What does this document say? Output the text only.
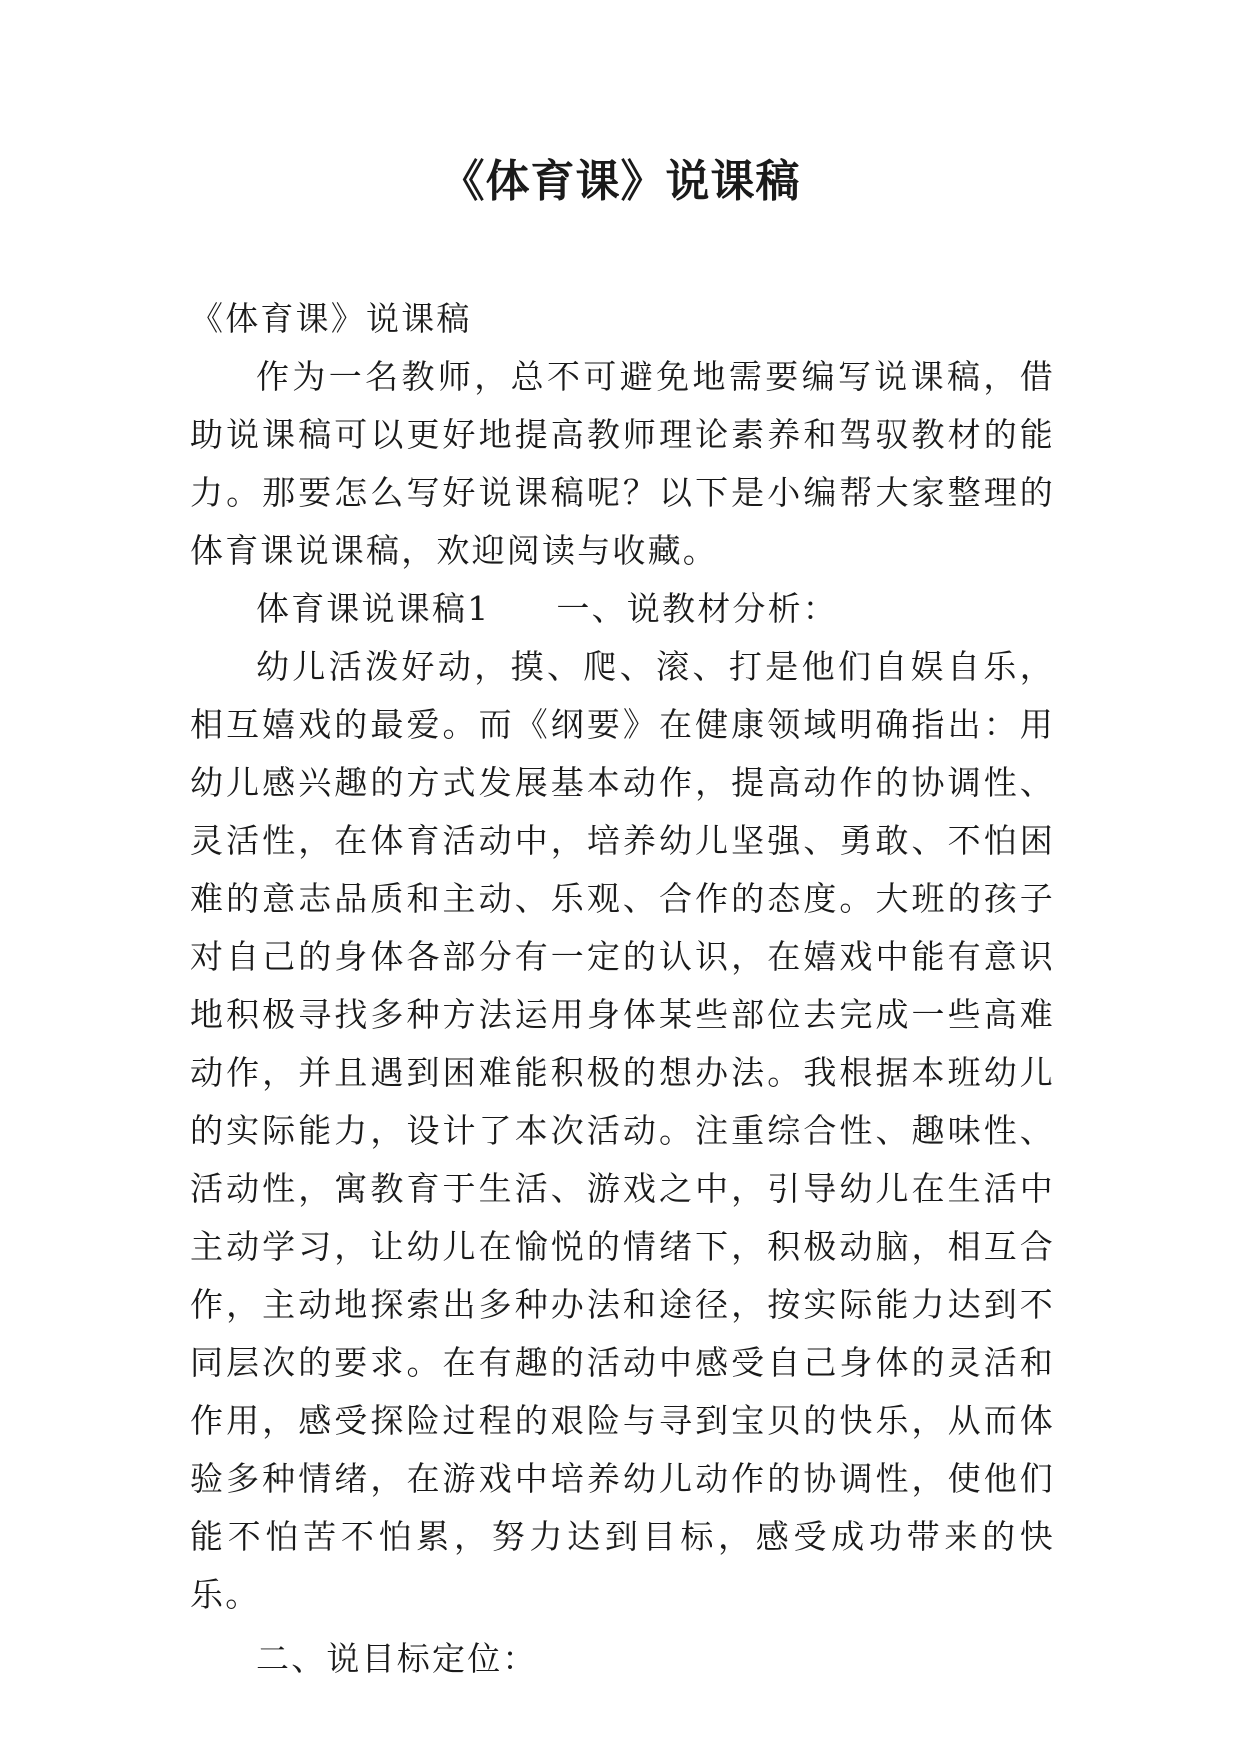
《体育课》说课稿

《体育课》说课稿

作为一名教师，总不可避免地需要编写说课稿，借助说课稿可以更好地提高教师理论素养和驾驭教材的能力。那要怎么写好说课稿呢？以下是小编帮大家整理的体育课说课稿，欢迎阅读与收藏。

体育课说课稿1 一、说教材分析：

幼儿活泼好动，摸、爬、滚、打是他们自娱自乐，相互嬉戏的最爱。而《纲要》在健康领域明确指出：用幼儿感兴趣的方式发展基本动作，提高动作的协调性、灵活性，在体育活动中，培养幼儿坚强、勇敢、不怕困难的意志品质和主动、乐观、合作的态度。大班的孩子对自己的身体各部分有一定的认识，在嬉戏中能有意识地积极寻找多种方法运用身体某些部位去完成一些高难动作，并且遇到困难能积极的想办法。我根据本班幼儿的实际能力，设计了本次活动。注重综合性、趣味性、活动性，寓教育于生活、游戏之中，引导幼儿在生活中主动学习，让幼儿在愉悦的情绪下，积极动脑，相互合作，主动地探索出多种办法和途径，按实际能力达到不同层次的要求。在有趣的活动中感受自己身体的灵活和作用，感受探险过程的艰险与寻到宝贝的快乐，从而体验多种情绪，在游戏中培养幼儿动作的协调性，使他们能不怕苦不怕累，努力达到目标，感受成功带来的快乐。

二、说目标定位：
